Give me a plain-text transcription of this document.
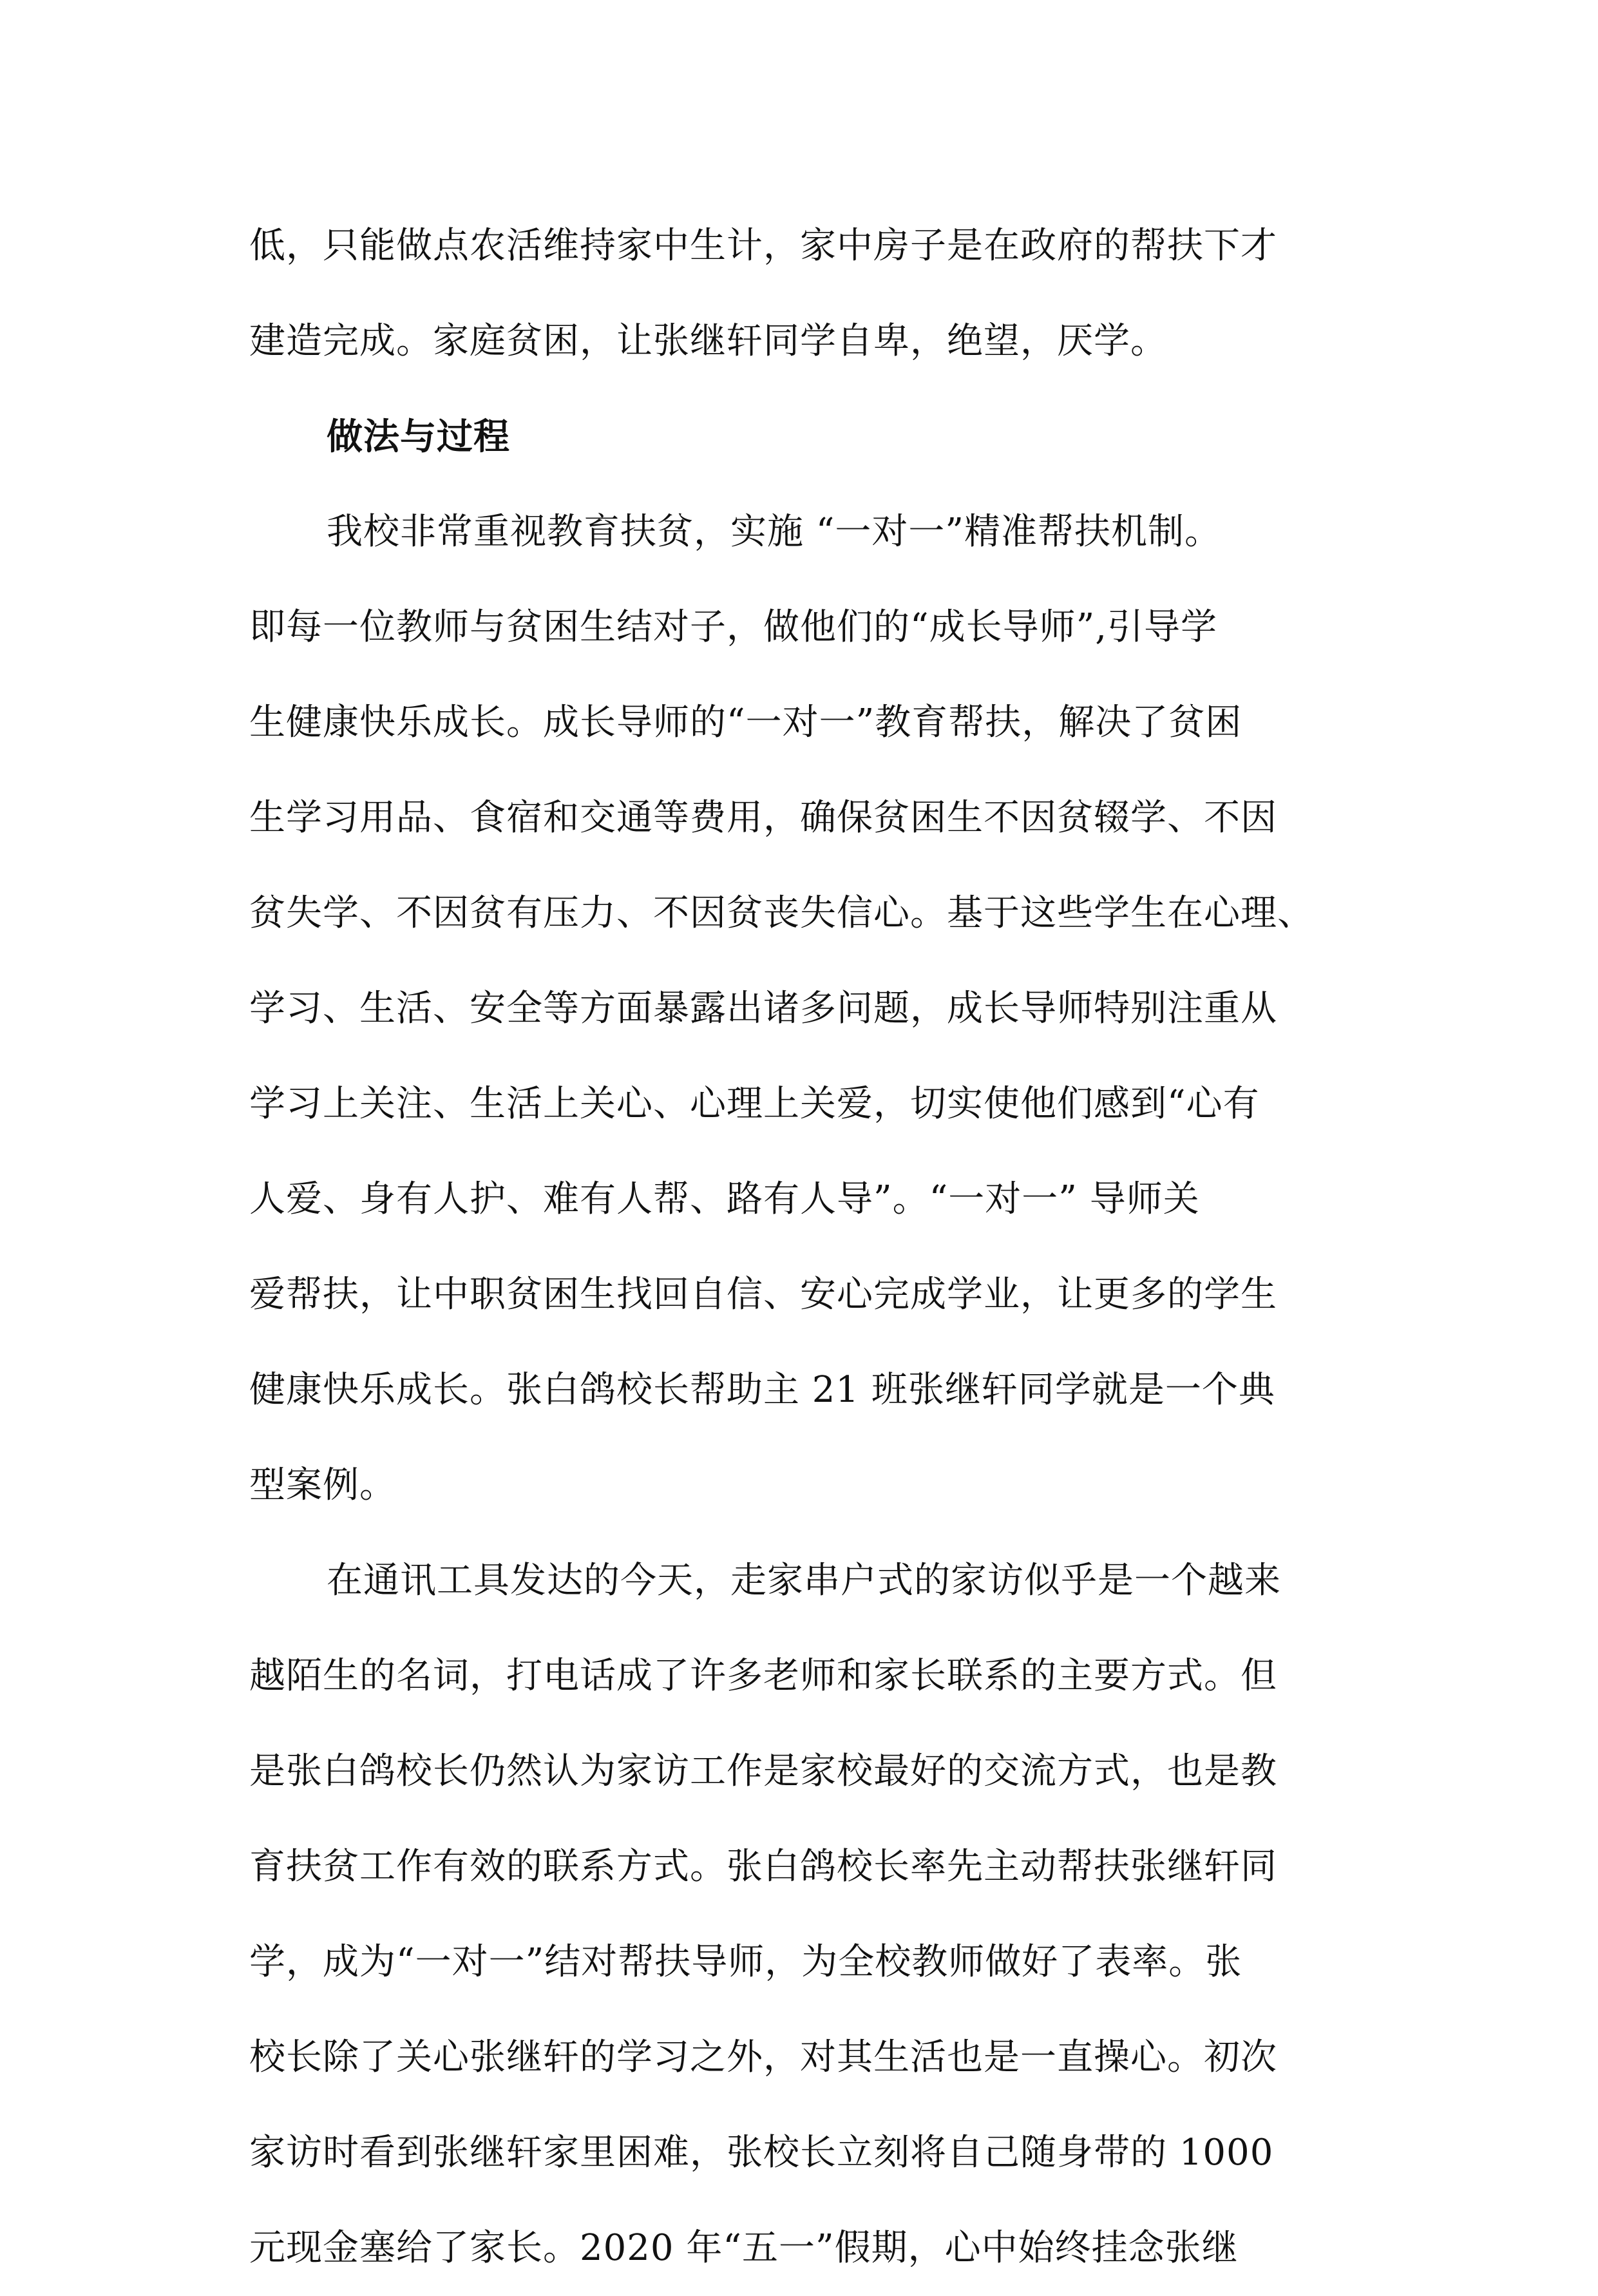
低，只能做点农活维持家中生计，家中房子是在政府的帮扶下才
建造完成。家庭贫困，让张继轩同学自卑，绝望，厌学。
做法与过程
我校非常重视教育扶贫，实施 “一对一”精准帮扶机制。
即每一位教师与贫困生结对子，做他们的“成长导师”,引导学
生健康快乐成长。成长导师的“一对一”教育帮扶，解决了贫困
生学习用品、食宿和交通等费用，确保贫困生不因贫辍学、不因
贫失学、不因贫有压力、不因贫丧失信心。基于这些学生在心理、
学习、生活、安全等方面暴露出诸多问题，成长导师特别注重从
学习上关注、生活上关心、心理上关爱，切实使他们感到“心有
人爱、身有人护、难有人帮、路有人导”。“一对一” 导师关
爱帮扶，让中职贫困生找回自信、安心完成学业，让更多的学生
健康快乐成长。张白鸽校长帮助主 21 班张继轩同学就是一个典
型案例。
在通讯工具发达的今天，走家串户式的家访似乎是一个越来
越陌生的名词，打电话成了许多老师和家长联系的主要方式。但
是张白鸽校长仍然认为家访工作是家校最好的交流方式，也是教
育扶贫工作有效的联系方式。张白鸽校长率先主动帮扶张继轩同
学，成为“一对一”结对帮扶导师，为全校教师做好了表率。张
校长除了关心张继轩的学习之外，对其生活也是一直操心。初次
家访时看到张继轩家里困难，张校长立刻将自己随身带的 1000
元现金塞给了家长。2020 年“五一”假期，心中始终挂念张继
